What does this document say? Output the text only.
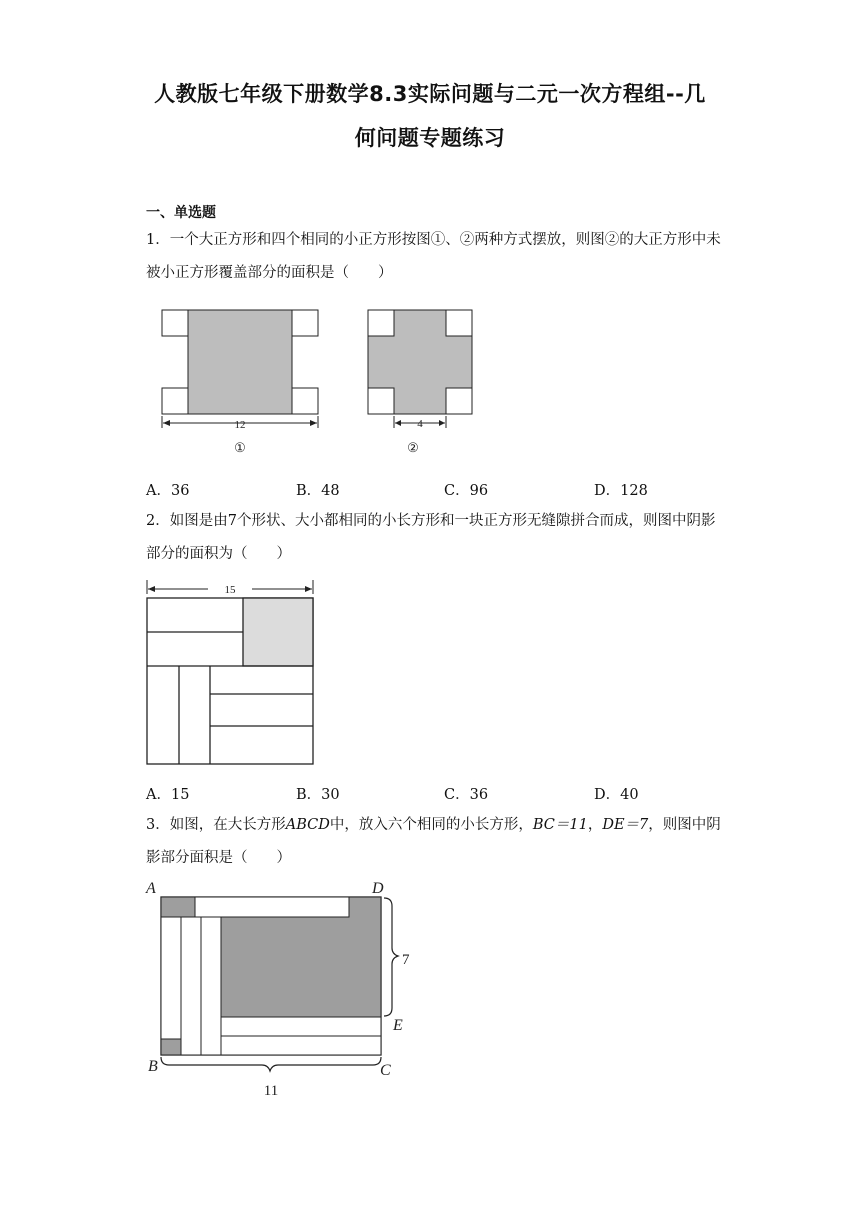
人教版七年级下册数学8.3实际问题与二元一次方程组--几
何问题专题练习
一、单选题
1．一个大正方形和四个相同的小正方形按图①、②两种方式摆放，则图②的大正方形中未被小正方形覆盖部分的面积是（　　）
12
①
4
②
A．36	B．48	C．96	D．128
2．如图是由7个形状、大小都相同的小长方形和一块正方形无缝隙拼合而成，则图中阴影部分的面积为（　　）
15
A．15	B．30	C．36	D．40
3．如图，在大长方形ABCD中，放入六个相同的小长方形，BC＝11，DE＝7，则图中阴影部分面积是（　　）
A	D
E
B	C
7
11
